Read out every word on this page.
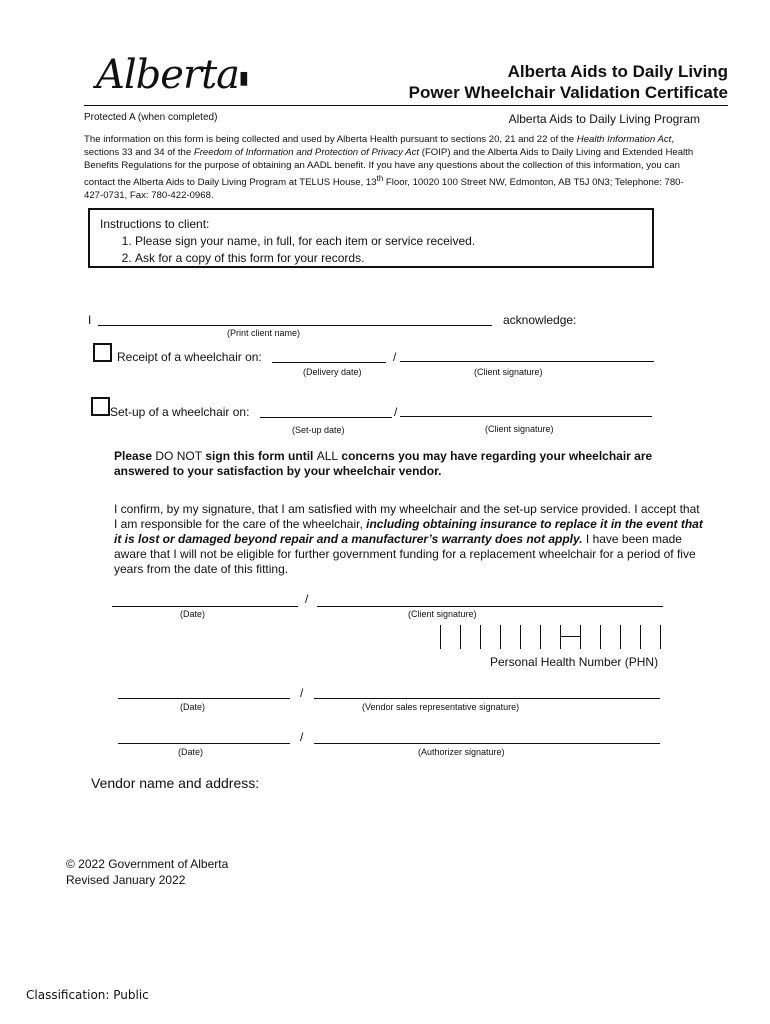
Alberta▮	Alberta Aids to Daily Living
Power Wheelchair Validation Certificate
Protected A (when completed)	Alberta Aids to Daily Living Program
The information on this form is being collected and used by Alberta Health pursuant to sections 20, 21 and 22 of the Health Information Act, sections 33 and 34 of the Freedom of Information and Protection of Privacy Act (FOIP) and the Alberta Aids to Daily Living and Extended Health Benefits Regulations for the purpose of obtaining an AADL benefit. If you have any questions about the collection of this information, you can contact the Alberta Aids to Daily Living Program at TELUS House, 13th Floor, 10020 100 Street NW, Edmonton, AB T5J 0N3; Telephone: 780-427-0731, Fax: 780-422-0968.
Instructions to client:
1. Please sign your name, in full, for each item or service received.
2. Ask for a copy of this form for your records.
I	acknowledge:
(Print client name)
Receipt of a wheelchair on:	/
(Delivery date)	(Client signature)
Set-up of a wheelchair on:	/
(Set-up date)	(Client signature)
Please DO NOT sign this form until ALL concerns you may have regarding your wheelchair are answered to your satisfaction by your wheelchair vendor.
I confirm, by my signature, that I am satisfied with my wheelchair and the set-up service provided. I accept that I am responsible for the care of the wheelchair, including obtaining insurance to replace it in the event that it is lost or damaged beyond repair and a manufacturer’s warranty does not apply. I have been made aware that I will not be eligible for further government funding for a replacement wheelchair for a period of five years from the date of this fitting.
/
(Date)	(Client signature)
Personal Health Number (PHN)
/
(Date)	(Vendor sales representative signature)
/
(Date)	(Authorizer signature)
Vendor name and address:
© 2022 Government of Alberta
Revised January 2022
Classification: Public
